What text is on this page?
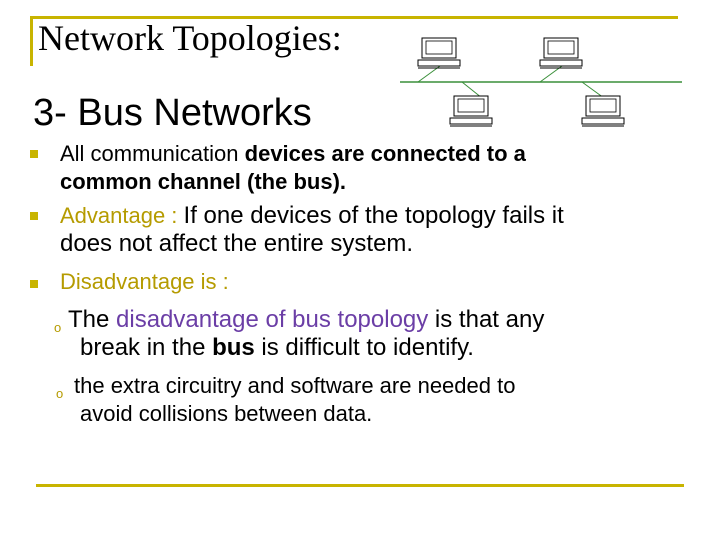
Network Topologies:
3- Bus Networks
All communication devices are connected to a
common channel (the bus).
Advantage : If one devices of the topology fails it
does not affect the entire system.
Disadvantage is :
o The disadvantage of bus topology is that any
break in the bus is difficult to identify.
o the extra circuitry and software are needed to
avoid collisions between data.
